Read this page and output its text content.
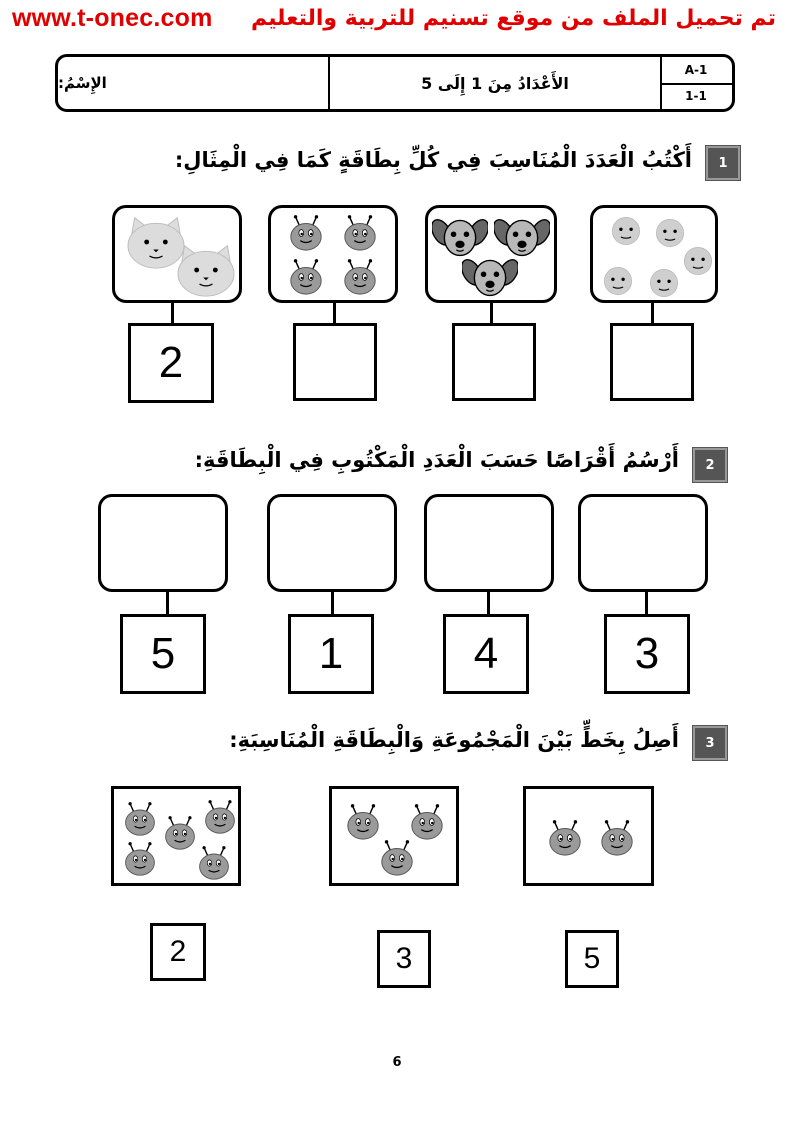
www.t-onec.com تم تحميل الملف من موقع تسنيم للتربية والتعليم
الإِسْمُ:	الأَعْدَادُ مِنَ 1 إِلَى 5
A-1
1-1
1
أَكْتُبُ الْعَدَدَ الْمُنَاسِبَ فِي كُلِّ بِطَاقَةٍ كَمَا فِي الْمِثَالِ:
2
2
أَرْسُمُ أَقْرَاصًا حَسَبَ الْعَدَدِ الْمَكْتُوبِ فِي الْبِطَاقَةِ:
5	1	4	3
3
أَصِلُ بِخَطٍّ بَيْنَ الْمَجْمُوعَةِ وَالْبِطَاقَةِ الْمُنَاسِبَةِ:
2	3	5
6
